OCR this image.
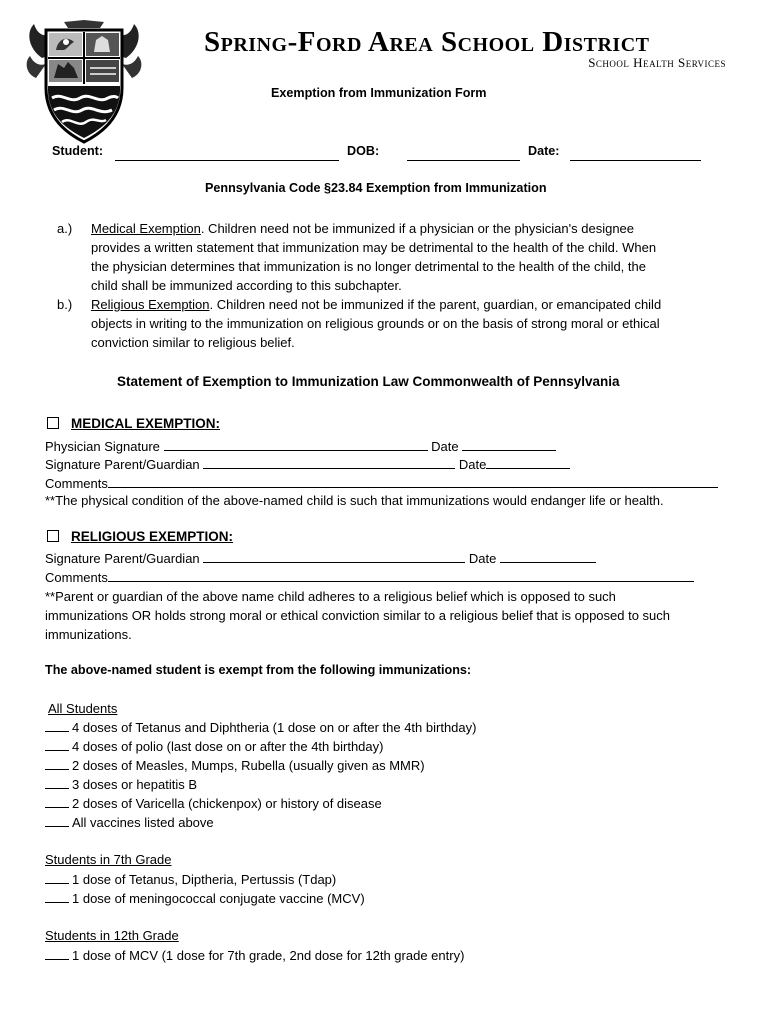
Spring-Ford Area School District
School Health Services
Exemption from Immunization Form
Student:	DOB:	Date:
Pennsylvania Code §23.84 Exemption from Immunization
a.) Medical Exemption. Children need not be immunized if a physician or the physician's designee
provides a written statement that immunization may be detrimental to the health of the child. When
the physician determines that immunization is no longer detrimental to the health of the child, the
child shall be immunized according to this subchapter.
b.) Religious Exemption. Children need not be immunized if the parent, guardian, or emancipated child
objects in writing to the immunization on religious grounds or on the basis of strong moral or ethical
conviction similar to religious belief.
Statement of Exemption to Immunization Law Commonwealth of Pennsylvania
MEDICAL EXEMPTION:
Physician Signature	Date
Signature Parent/Guardian	Date
Comments
**The physical condition of the above-named child is such that immunizations would endanger life or health.
RELIGIOUS EXEMPTION:
Signature Parent/Guardian	Date
Comments
**Parent or guardian of the above name child adheres to a religious belief which is opposed to such
immunizations OR holds strong moral or ethical conviction similar to a religious belief that is opposed to such
immunizations.
The above-named student is exempt from the following immunizations:
All Students
4 doses of Tetanus and Diphtheria (1 dose on or after the 4th birthday)
4 doses of polio (last dose on or after the 4th birthday)
2 doses of Measles, Mumps, Rubella (usually given as MMR)
3 doses or hepatitis B
2 doses of Varicella (chickenpox) or history of disease
All vaccines listed above
Students in 7th Grade
1 dose of Tetanus, Diptheria, Pertussis (Tdap)
1 dose of meningococcal conjugate vaccine (MCV)
Students in 12th Grade
1 dose of MCV (1 dose for 7th grade, 2nd dose for 12th grade entry)
